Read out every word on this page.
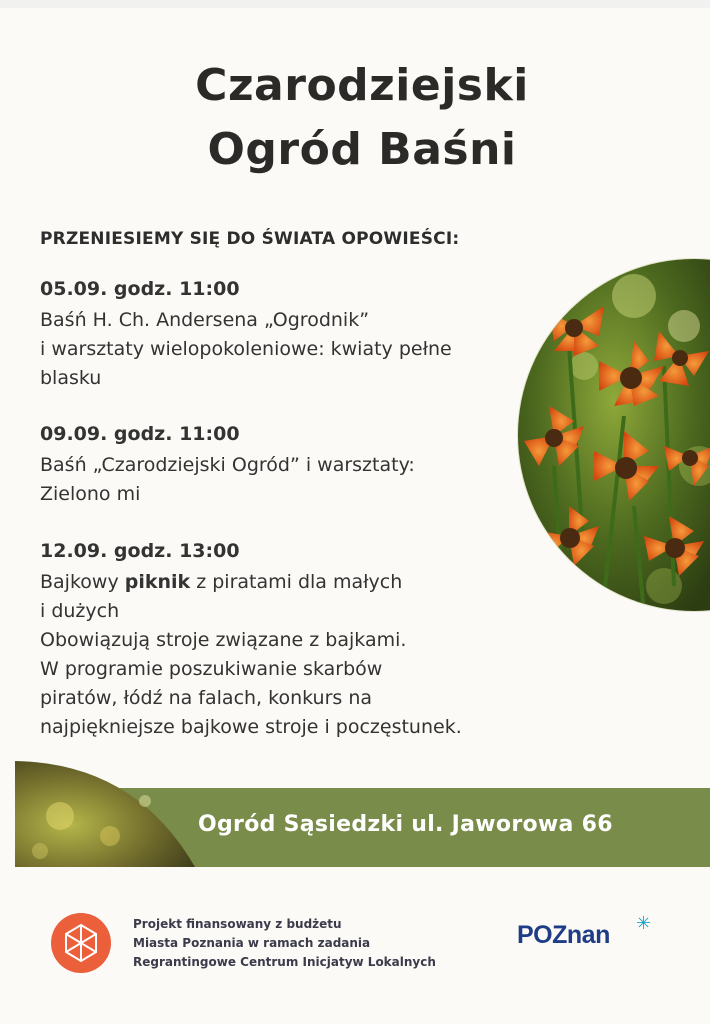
Czarodziejski
Ogród Baśni
PRZENIESIEMY SIĘ DO ŚWIATA OPOWIEŚCI:
05.09. godz. 11:00
Baśń H. Ch. Andersena „Ogrodnik”
i warsztaty wielopokoleniowe: kwiaty pełne
blasku
09.09. godz. 11:00
Baśń „Czarodziejski Ogród” i warsztaty:
Zielono mi
12.09. godz. 13:00
Bajkowy piknik z piratami dla małych
i dużych
Obowiązują stroje związane z bajkami.
W programie poszukiwanie skarbów
piratów, łódź na falach, konkurs na
najpiękniejsze bajkowe stroje i poczęstunek.
Ogród Sąsiedzki ul. Jaworowa 66
Projekt finansowany z budżetu
Miasta Poznania w ramach zadania
Regrantingowe Centrum Inicjatyw Lokalnych
POZnan ✳
